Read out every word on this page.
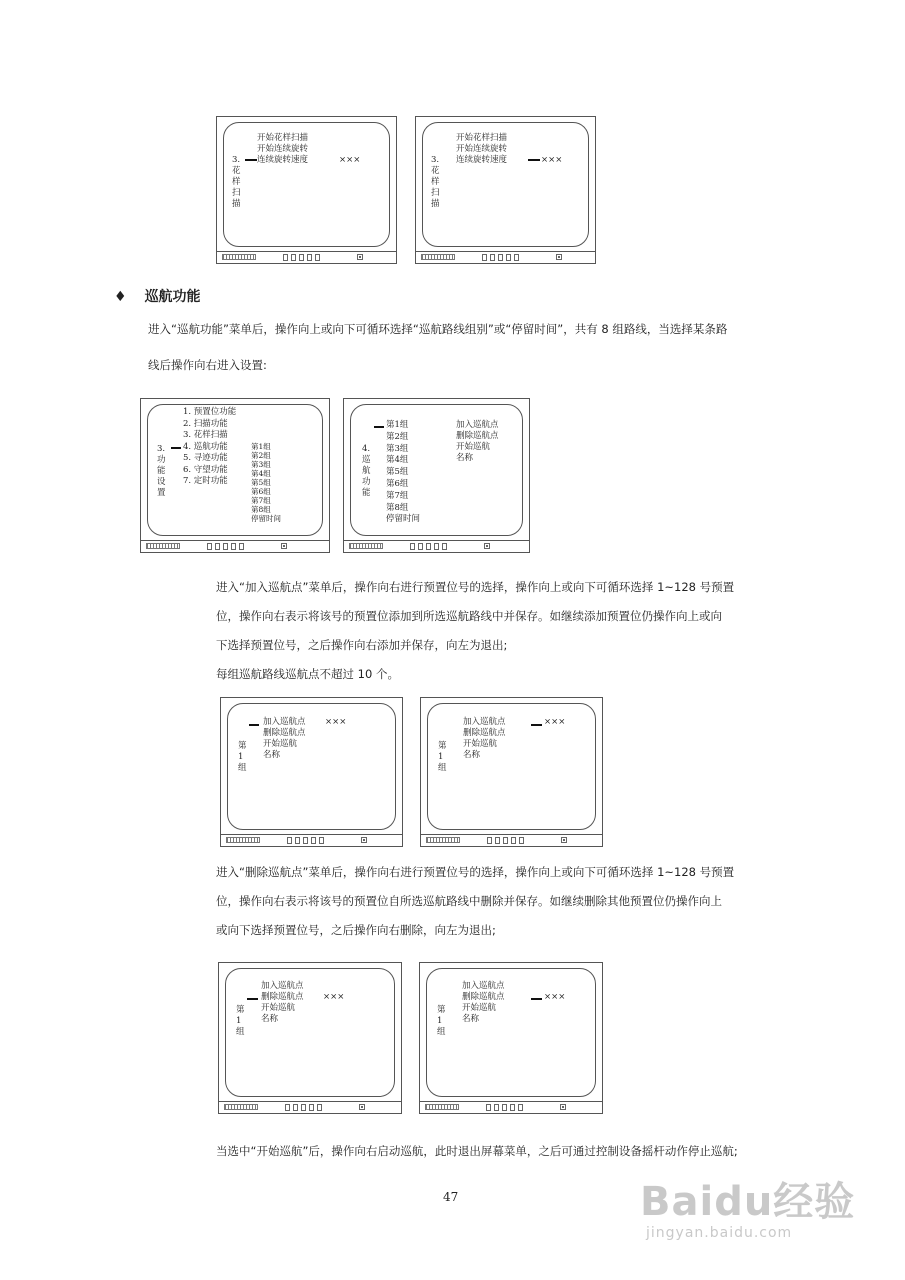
开始花样扫描
开始连续旋转
连续旋转速度	×××
3.
花
样
扫
描
开始花样扫描
开始连续旋转
连续旋转速度	×××
3.
花
样
扫
描
♦ 巡航功能
进入“巡航功能”菜单后，操作向上或向下可循环选择“巡航路线组别”或“停留时间”，共有 8 组路线，当选择某条路
线后操作向右进入设置:
1. 预置位功能
2. 扫描功能
3. 花样扫描
4. 巡航功能
5. 寻迹功能
6. 守望功能
7. 定时功能
第1组
第2组
第3组
第4组
第5组
第6组
第7组
第8组
停留时间
3.
功
能
设
置
第1组
第2组
第3组
第4组
第5组
第6组
第7组
第8组
停留时间
加入巡航点
删除巡航点
开始巡航
名称
4.
巡
航
功
能
进入“加入巡航点”菜单后，操作向右进行预置位号的选择，操作向上或向下可循环选择 1~128 号预置
位，操作向右表示将该号的预置位添加到所选巡航路线中并保存。如继续添加预置位仍操作向上或向
下选择预置位号，之后操作向右添加并保存，向左为退出;
每组巡航路线巡航点不超过 10 个。
加入巡航点
删除巡航点
开始巡航
名称
×××
第
1
组
加入巡航点
删除巡航点
开始巡航
名称
×××
第
1
组
进入“删除巡航点”菜单后，操作向右进行预置位号的选择，操作向上或向下可循环选择 1~128 号预置
位，操作向右表示将该号的预置位自所选巡航路线中删除并保存。如继续删除其他预置位仍操作向上
或向下选择预置位号，之后操作向右删除，向左为退出;
加入巡航点
删除巡航点
开始巡航
名称
×××
第
1
组
加入巡航点
删除巡航点
开始巡航
名称
×××
第
1
组
当选中“开始巡航”后，操作向右启动巡航，此时退出屏幕菜单，之后可通过控制设备摇杆动作停止巡航;
47	Baidu经验
jingyan.baidu.com
